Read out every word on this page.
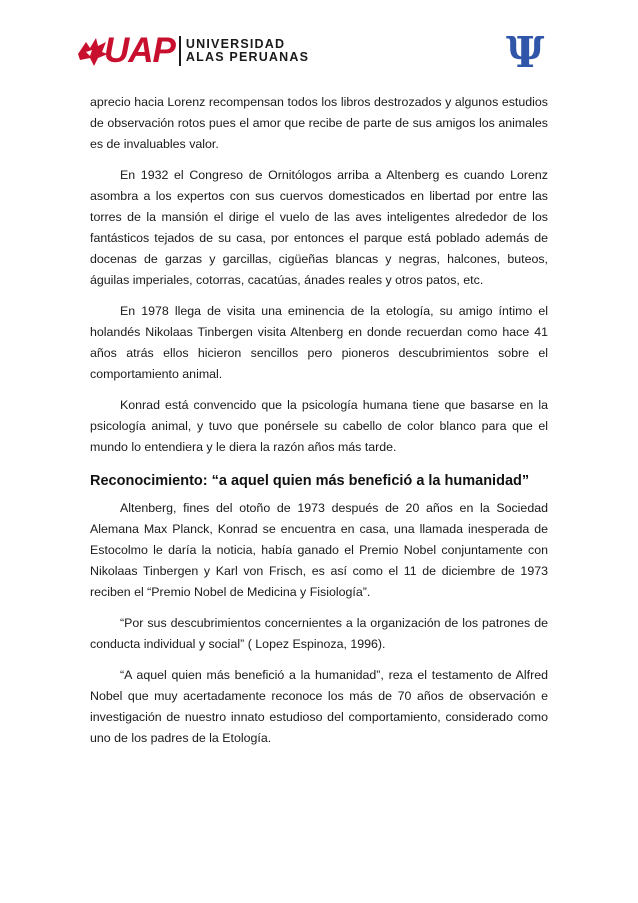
UAP UNIVERSIDAD
ALAS PERUANAS	Ψ

aprecio hacia Lorenz recompensan todos los libros destrozados y algunos estudios de observación rotos pues el amor que recibe de parte de sus amigos los animales es de invaluables valor.

En 1932 el Congreso de Ornitólogos arriba a Altenberg es cuando Lorenz asombra a los expertos con sus cuervos domesticados en libertad por entre las torres de la mansión el dirige el vuelo de las aves inteligentes alrededor de los fantásticos tejados de su casa, por entonces el parque está poblado además de docenas de garzas y garcillas, cigüeñas blancas y negras, halcones, buteos, águilas imperiales, cotorras, cacatúas, ánades reales y otros patos, etc.

En 1978 llega de visita una eminencia de la etología, su amigo íntimo el holandés Nikolaas Tinbergen visita Altenberg en donde recuerdan como hace 41 años atrás ellos hicieron sencillos pero pioneros descubrimientos sobre el comportamiento animal.

Konrad está convencido que la psicología humana tiene que basarse en la psicología animal, y tuvo que ponérsele su cabello de color blanco para que el mundo lo entendiera y le diera la razón años más tarde.

Reconocimiento: “a aquel quien más benefició a la humanidad”

Altenberg, fines del otoño de 1973 después de 20 años en la Sociedad Alemana Max Planck, Konrad se encuentra en casa, una llamada inesperada de Estocolmo le daría la noticia, había ganado el Premio Nobel conjuntamente con Nikolaas Tinbergen y Karl von Frisch, es así como el 11 de diciembre de 1973 reciben el “Premio Nobel de Medicina y Fisiología”.

“Por sus descubrimientos concernientes a la organización de los patrones de conducta individual y social” ( Lopez Espinoza, 1996).

“A aquel quien más benefició a la humanidad”, reza el testamento de Alfred Nobel que muy acertadamente reconoce los más de 70 años de observación e investigación de nuestro innato estudioso del comportamiento, considerado como uno de los padres de la Etología.
